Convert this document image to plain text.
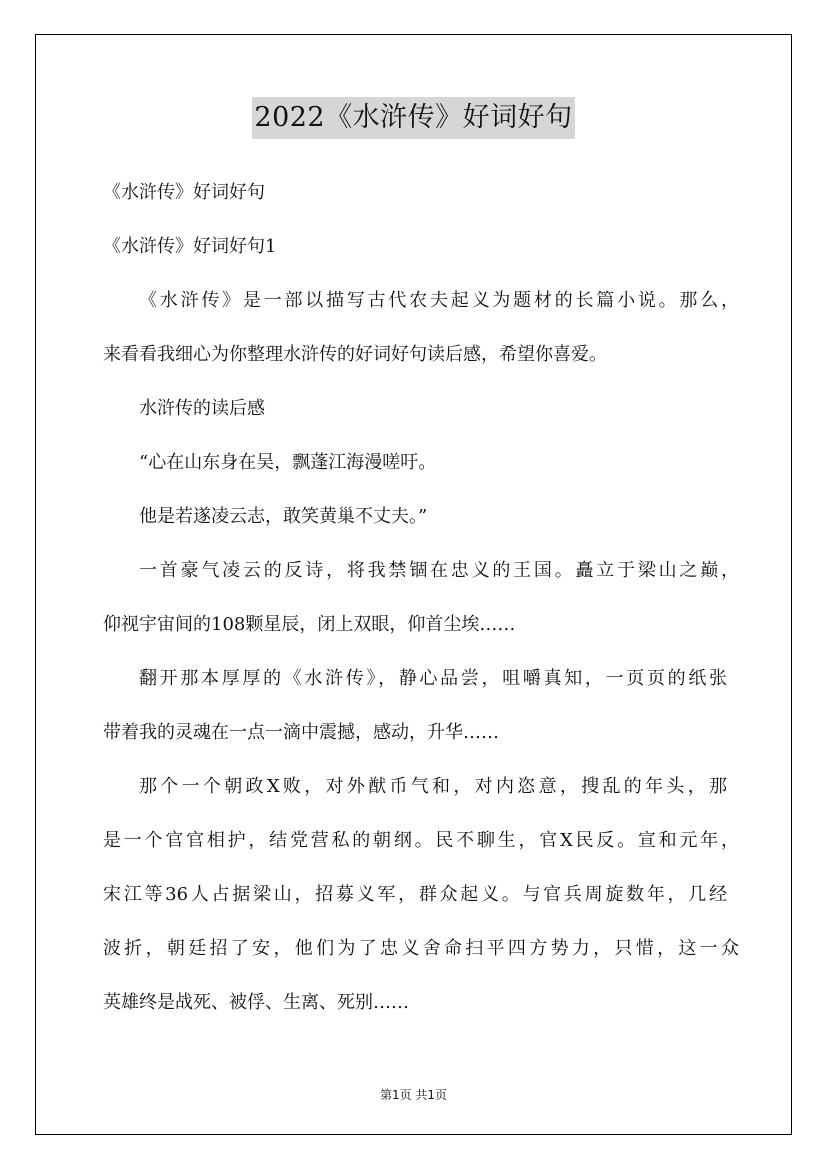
2022《水浒传》好词好句
《水浒传》好词好句
《水浒传》好词好句1
《水浒传》是一部以描写古代农夫起义为题材的长篇小说。那么，
来看看我细心为你整理水浒传的好词好句读后感，希望你喜爱。
水浒传的读后感
“心在山东身在吴，飘蓬江海漫嗟吁。
他是若遂凌云志，敢笑黄巢不丈夫。”
一首豪气凌云的反诗，将我禁锢在忠义的王国。矗立于梁山之巅，
仰视宇宙间的108颗星辰，闭上双眼，仰首尘埃……
翻开那本厚厚的《水浒传》，静心品尝，咀嚼真知，一页页的纸张
带着我的灵魂在一点一滴中震撼，感动，升华……
那个一个朝政X败，对外猷币气和，对内恣意，搜乱的年头，那
是一个官官相护，结党营私的朝纲。民不聊生，官X民反。宣和元年，
宋江等36人占据梁山，招募义军，群众起义。与官兵周旋数年，几经
波折，朝廷招了安，他们为了忠义舍命扫平四方势力，只惜，这一众
英雄终是战死、被俘、生离、死别……
第1页 共1页
